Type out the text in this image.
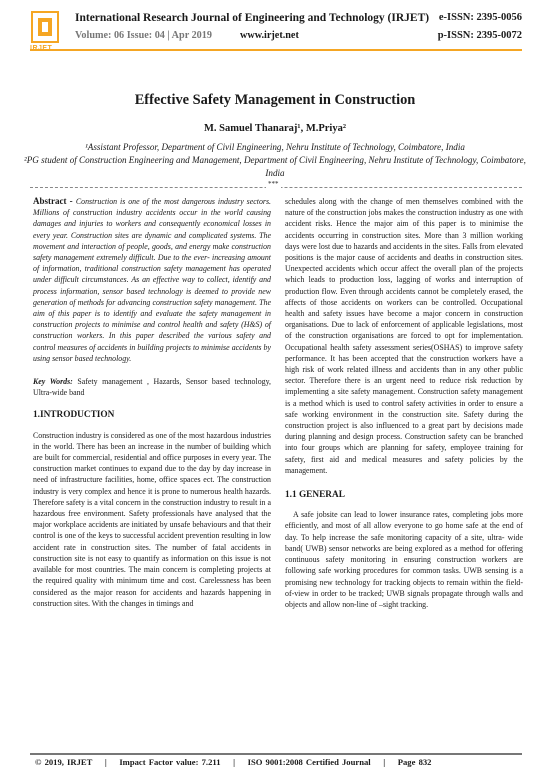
International Research Journal of Engineering and Technology (IRJET) e-ISSN: 2395-0056
Volume: 06 Issue: 04 | Apr 2019	www.irjet.net	p-ISSN: 2395-0072
Effective Safety Management in Construction
M. Samuel Thanaraj¹, M.Priya²
¹Assistant Professor, Department of Civil Engineering, Nehru Institute of Technology, Coimbatore, India
²PG student of Construction Engineering and Management, Department of Civil Engineering, Nehru Institute of Technology, Coimbatore, India
***

Abstract - Construction is one of the most dangerous industry sectors. Millions of construction industry accidents occur in the world causing damages and injuries to workers and consequently economical losses in every year. Construction sites are dynamic and complicated systems. The movement and interaction of people, goods, and energy make construction safety management extremely difficult. Due to the ever- increasing amount of information, traditional construction safety management has operated under difficult circumstances. As an effective way to collect, identify and process information, sensor based technology is deemed to provide new generation of methods for advancing construction safety management. The aim of this paper is to identify and evaluate the safety management in construction projects to minimise and control health and safety (H&S) of construction workers. In this paper described the various safety and control measures of accidents in building projects to minimise accidents by using sensor based technology.

Key Words: Safety management , Hazards, Sensor based technology, Ultra-wide band

1.INTRODUCTION

Construction industry is considered as one of the most hazardous industries in the world. There has been an increase in the number of building which are built for commercial, residential and office purposes in every year. The construction market continues to expand due to the day by day increase in need of infrastructure facilities, home, office spaces ect. The construction industry is very complex and hence it is prone to numerous health hazards. Therefore safety is a vital concern in the construction industry to result in a hazardous free environment. Safety professionals have analysed that the major workplace accidents are initiated by unsafe behaviours and that their control is one of the keys to successful accident prevention resulting in low accident rate in construction sites. The number of fatal accidents in construction site is not easy to quantify as information on this issue is not available for most countries. The main concern is completing projects at the required quality with minimum time and cost. Carelessness has been considered as the major reason for accidents and hazards happening in construction sites. With the changes in timings and

schedules along with the change of men themselves combined with the nature of the construction jobs makes the construction industry as one with accident risks. Hence the major aim of this paper is to minimise the accidents occurring in construction sites. More than 3 million working days were lost due to hazards and accidents in the sites. Falls from elevated positions is the major cause of accidents and deaths in construction sites. Unexpected accidents which occur affect the overall plan of the projects which leads to production loss, lagging of works and interruption of production flow. Even through accidents cannot be completely erased, the affects of those accidents on workers can be controlled. Occupational health and safety issues have become a major concern in construction organisations. Due to lack of enforcement of applicable legislations, most of the construction organisations are forced to opt for implementation. Occupational health safety assessment series(OSHAS) to improve safety performance. It has been accepted that the construction workers have a high risk of work related illness and accidents than in any other public sector. Therefore there is an urgent need to reduce risk reduction by implementing a site safety management. Construction safety management is a method which is used to control safety activities in order to ensure a safe working environment in the construction site. Safety during the construction project is also influenced to a great part by decisions made during planning and design process. Construction safety can be branched into four groups which are planning for safety, employee training for safety, first aid and medical measures and safety policies by the management.

1.1 GENERAL

A safe jobsite can lead to lower insurance rates, completing jobs more efficiently, and most of all allow everyone to go home safe at the end of day. To help increase the safe monitoring capacity of a site, ultra- wide band( UWB) sensor networks are being explored as a method for offering continuous safety monitoring in ensuring construction workers are following safe working procedures for common tasks. UWB sensing is a promising new technology for tracking objects to remain within the field-of-view in order to be tracked; UWB signals propagate through walls and objects and allow non-line of –sight tracking.

© 2019, IRJET | Impact Factor value: 7.211 | ISO 9001:2008 Certified Journal | Page 832
